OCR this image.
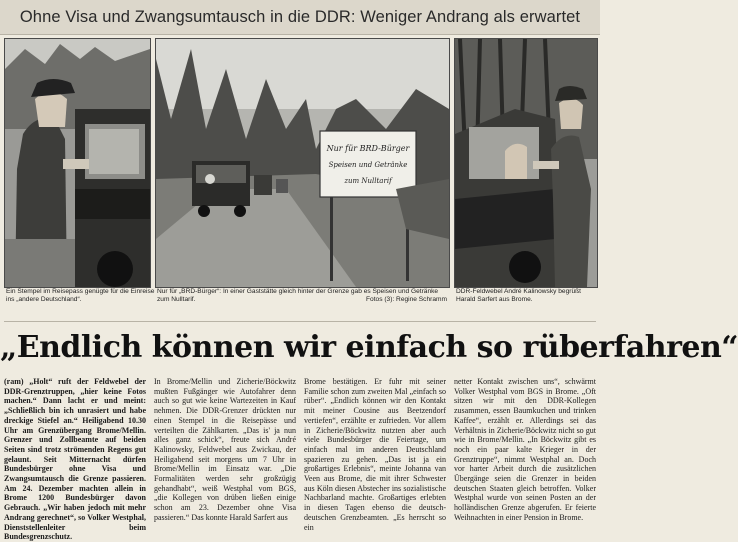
Ohne Visa und Zwangsumtausch in die DDR: Weniger Andrang als erwartet
Nur für BRD-Bürger
Speisen und Getränke
zum Nulltarif
Ein Stempel im Reisepass genügte für die Einreise ins „andere Deutschland“.
Nur für „BRD-Bürger“: In einer Gaststätte gleich hinter der Grenze gab es Speisen und Getränke zum Nulltarif.	Fotos (3): Regine Schramm
DDR-Feldwebel André Kalinowsky begrüßt Harald Sarfert aus Brome.
„Endlich können wir einfach so rüberfahren“

(ram) „Holt“ ruft der Feldwebel der DDR-Grenztruppen, „hier keine Fotos machen.“ Dann lacht er und meint: „Schließlich bin ich unrasiert und habe dreckige Stiefel an.“ Heiligabend 10.30 Uhr am Grenzübergang Brome/Mellin. Grenzer und Zollbeamte auf beiden Seiten sind trotz strömenden Regens gut gelaunt. Seit Mitternacht dürfen Bundesbürger ohne Visa und Zwangsumtausch die Grenze passieren. Am 24. Dezember machten allein in Brome 1200 Bundesbürger davon Gebrauch. „Wir haben jedoch mit mehr Andrang gerechnet“, so Volker Westphal, Dienststellenleiter beim Bundesgrenzschutz.

In Brome/Mellin und Zicherie/Böckwitz mußten Fußgänger wie Autofahrer denn auch so gut wie keine Wartezeiten in Kauf nehmen. Die DDR-Grenzer drückten nur einen Stempel in die Reisepässe und verteilten die Zählkarten. „Das is' ja nun alles ganz schick“, freute sich André Kalinowsky, Feldwebel aus Zwickau, der Heiligabend seit morgens um 7 Uhr in Brome/Mellin im Einsatz war. „Die Formalitäten werden sehr großzügig gehandhabt“, weiß Westphal vom BGS, „die Kollegen von drüben ließen einige schon am 23. Dezember ohne Visa passieren.“ Das konnte Harald Sarfert aus

Brome bestätigen. Er fuhr mit seiner Familie schon zum zweiten Mal „einfach so rüber“. „Endlich können wir den Kontakt mit meiner Cousine aus Beetzendorf vertiefen“, erzählte er zufrieden. Vor allem in Zicherie/Böckwitz nutzten aber auch viele Bundesbürger die Feiertage, um einfach mal im anderen Deutschland spazieren zu gehen. „Das ist ja ein großartiges Erlebnis“, meinte Johanna van Veen aus Brome, die mit ihrer Schwester aus Köln diesen Abstecher ins sozialistische Nachbarland machte. Großartiges erlebten in diesen Tagen ebenso die deutsch-deutschen Grenzbeamten. „Es herrscht so ein

netter Kontakt zwischen uns“, schwärmt Volker Westphal vom BGS in Brome. „Oft sitzen wir mit den DDR-Kollegen zusammen, essen Baumkuchen und trinken Kaffee“, erzählt er. Allerdings sei das Verhältnis in Zicherie/Böckwitz nicht so gut wie in Brome/Mellin. „In Böckwitz gibt es noch ein paar kalte Krieger in der Grenztruppe“, nimmt Westphal an. Doch vor harter Arbeit durch die zusätzlichen Übergänge seien die Grenzer in beiden deutschen Staaten gleich betroffen. Volker Westphal wurde von seinen Posten an der holländischen Grenze abgerufen. Er feierte Weihnachten in einer Pension in Brome.
